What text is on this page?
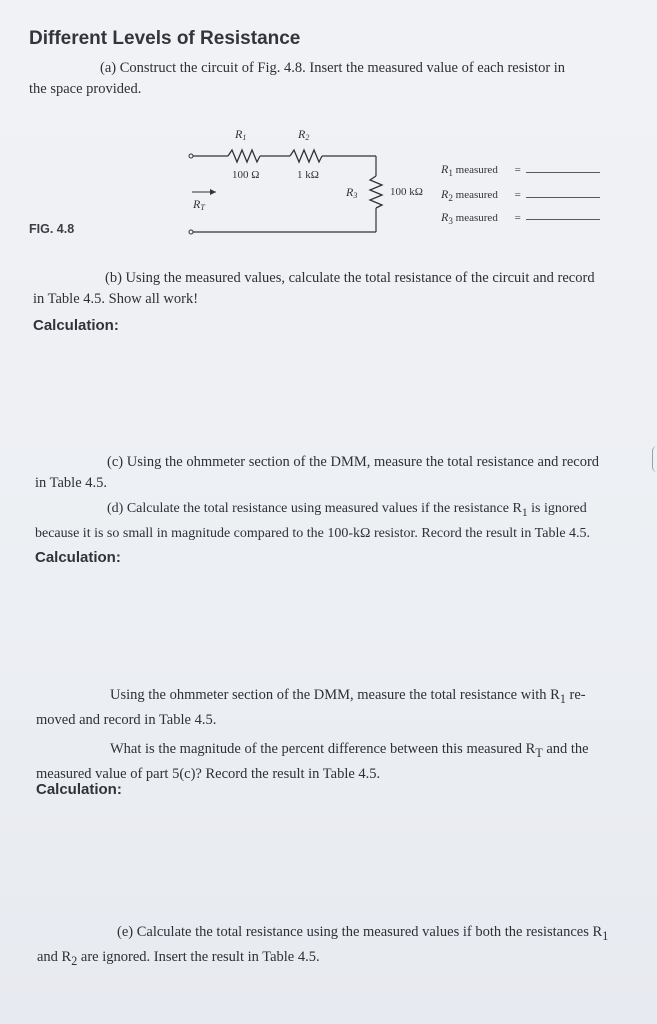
Different Levels of Resistance
(a) Construct the circuit of Fig. 4.8. Insert the measured value of each resistor in
the space provided.
R1	R2
100 Ω	1 kΩ
R3	100 kΩ
RT
$R_1$ measured =
$R_2$ measured =
$R_3$ measured =
FIG. 4.8
(b) Using the measured values, calculate the total resistance of the circuit and record
in Table 4.5. Show all work!
Calculation:
(c) Using the ohmmeter section of the DMM, measure the total resistance and record
in Table 4.5.
(d) Calculate the total resistance using measured values if the resistance $R_1$ is ignored
because it is so small in magnitude compared to the 100-kΩ resistor. Record the result in Table 4.5.
Calculation:
Using the ohmmeter section of the DMM, measure the total resistance with $R_1$ re-
moved and record in Table 4.5.
What is the magnitude of the percent difference between this measured $R_T$ and the
measured value of part 5(c)? Record the result in Table 4.5.
Calculation:
(e) Calculate the total resistance using the measured values if both the resistances $R_1$
and $R_2$ are ignored. Insert the result in Table 4.5.
